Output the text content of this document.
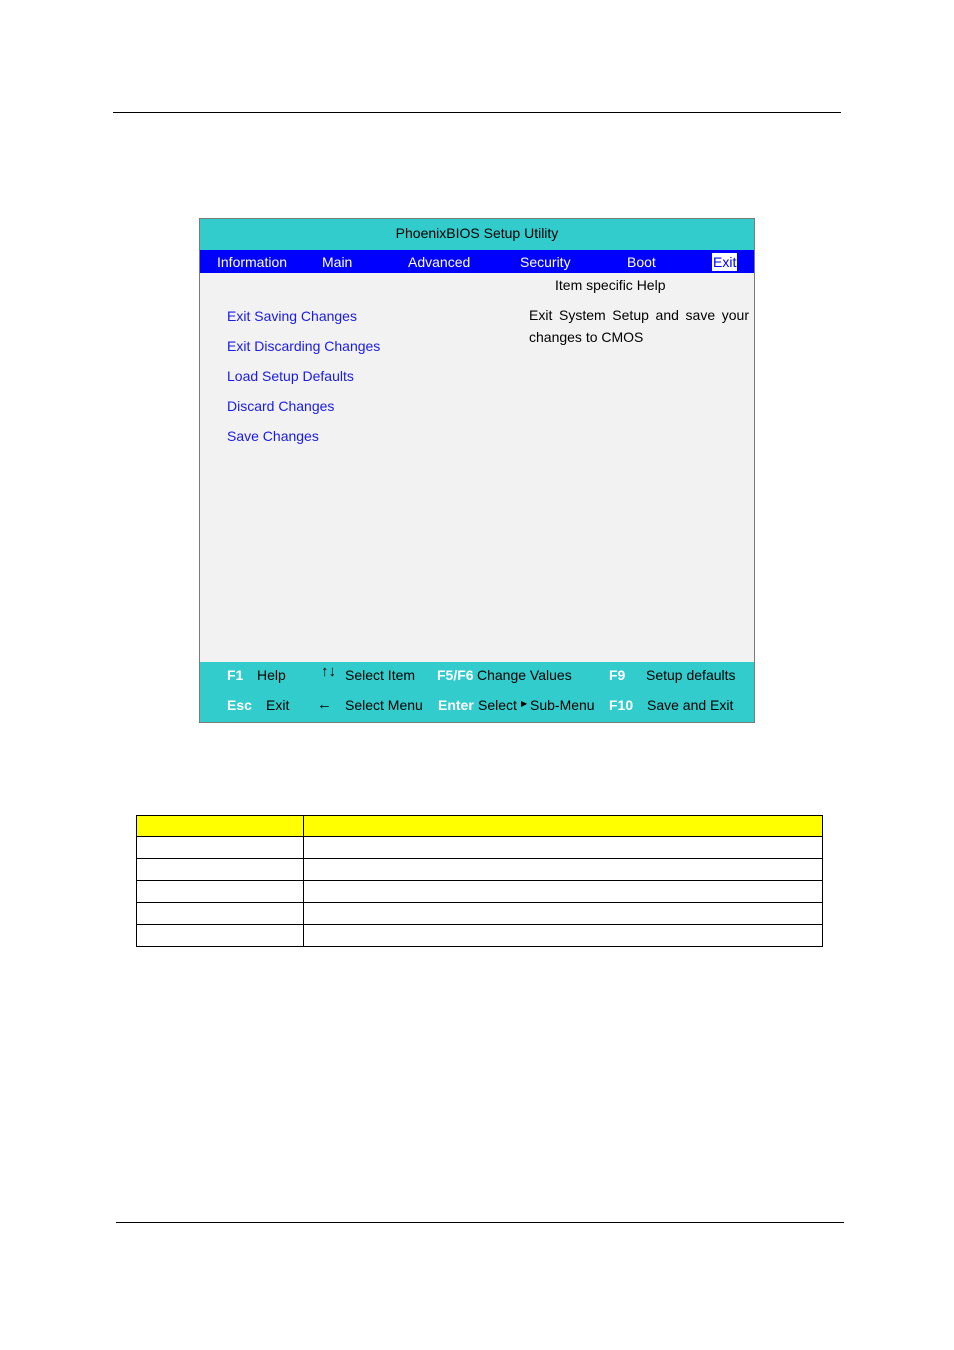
PhoenixBIOS Setup Utility
Information Main	Advanced	Security	Boot	Exit
Item specific Help
Exit System Setup and save your
changes to CMOS
Exit Saving Changes
Exit Discarding Changes
Load Setup Defaults
Discard Changes
Save Changes
F1 Help ↑↓ Select Item F5/F6 Change Values	F9 Setup defaults
Esc Exit ← Select Menu Enter Select ▶ Sub-Menu F10 Save and Exit
